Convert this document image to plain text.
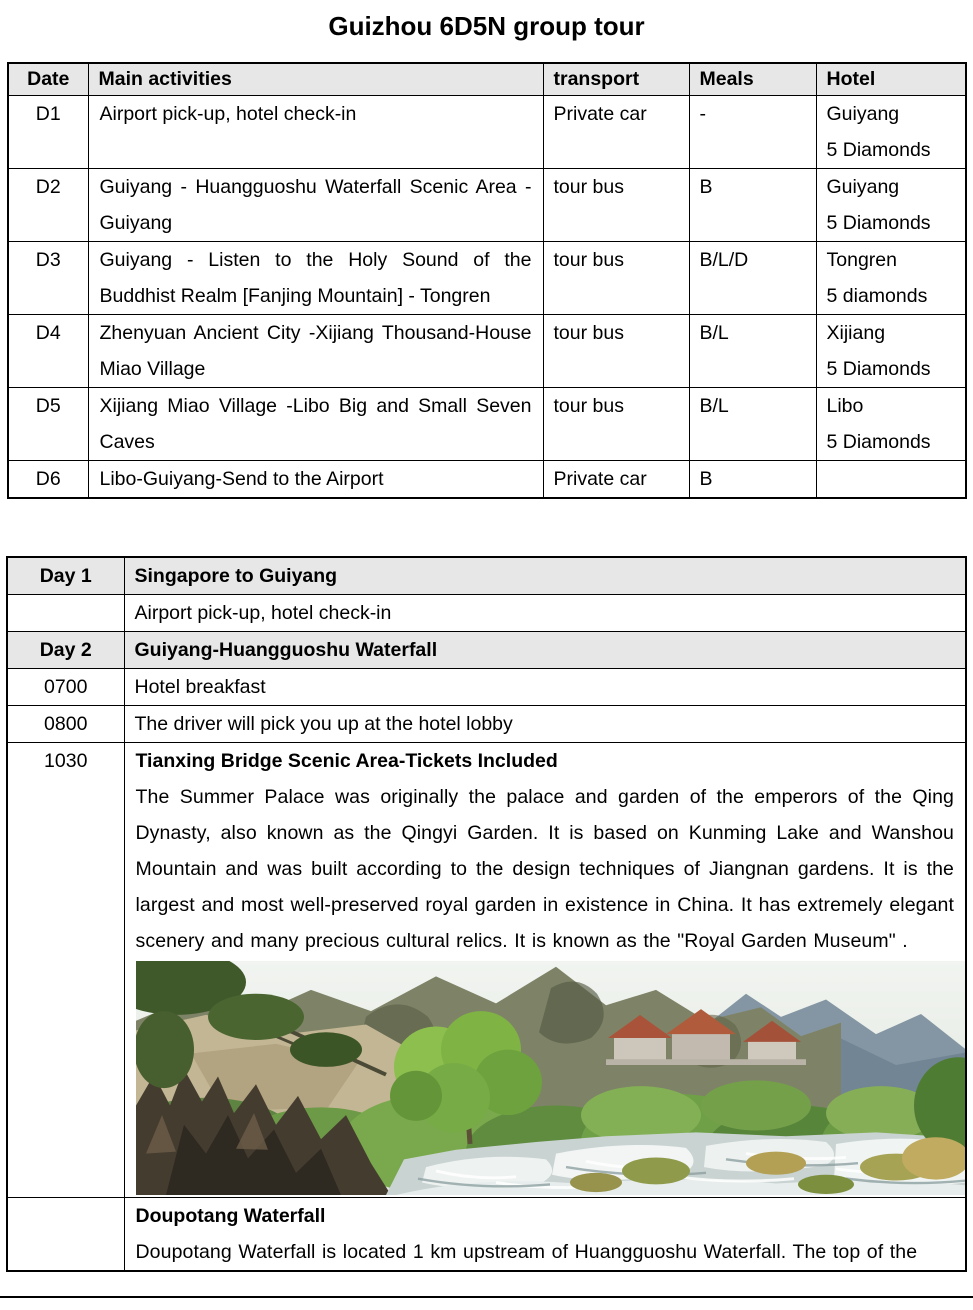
Guizhou 6D5N group tour
Date	Main activities	transport	Meals	Hotel
D1	Airport pick-up, hotel check-in	Private car	-	Guiyang
5 Diamonds

D2	Guiyang - Huangguoshu Waterfall Scenic Area -Guiyang	tour bus	B	Guiyang
5 Diamonds

D3	Guiyang - Listen to the Holy Sound of the Buddhist Realm [Fanjing Mountain] - Tongren	tour bus	B/L/D	Tongren
5 diamonds

D4	Zhenyuan Ancient City -Xijiang Thousand-House Miao Village	tour bus	B/L	Xijiang
5 Diamonds

D5	Xijiang Miao Village -Libo Big and Small Seven Caves	tour bus	B/L	Libo
5 Diamonds

D6	Libo-Guiyang-Send to the Airport	Private car	B	
Day 1	Singapore to Guiyang
	Airport pick-up, hotel check-in
Day 2	Guiyang-Huangguoshu Waterfall
0700	Hotel breakfast
0800	The driver will pick you up at the hotel lobby
1030	Tianxing Bridge Scenic Area-Tickets Included

The Summer Palace was originally the palace and garden of the emperors of the Qing Dynasty, also known as the Qingyi Garden. It is based on Kunming Lake and Wanshou Mountain and was built according to the design techniques of Jiangnan gardens. It is the largest and most well-preserved royal garden in existence in China. It has extremely elegant scenery and many precious cultural relics. It is known as the "Royal Garden Museum" .

	Doupotang Waterfall

Doupotang Waterfall is located 1 km upstream of Huangguoshu Waterfall. The top of the
